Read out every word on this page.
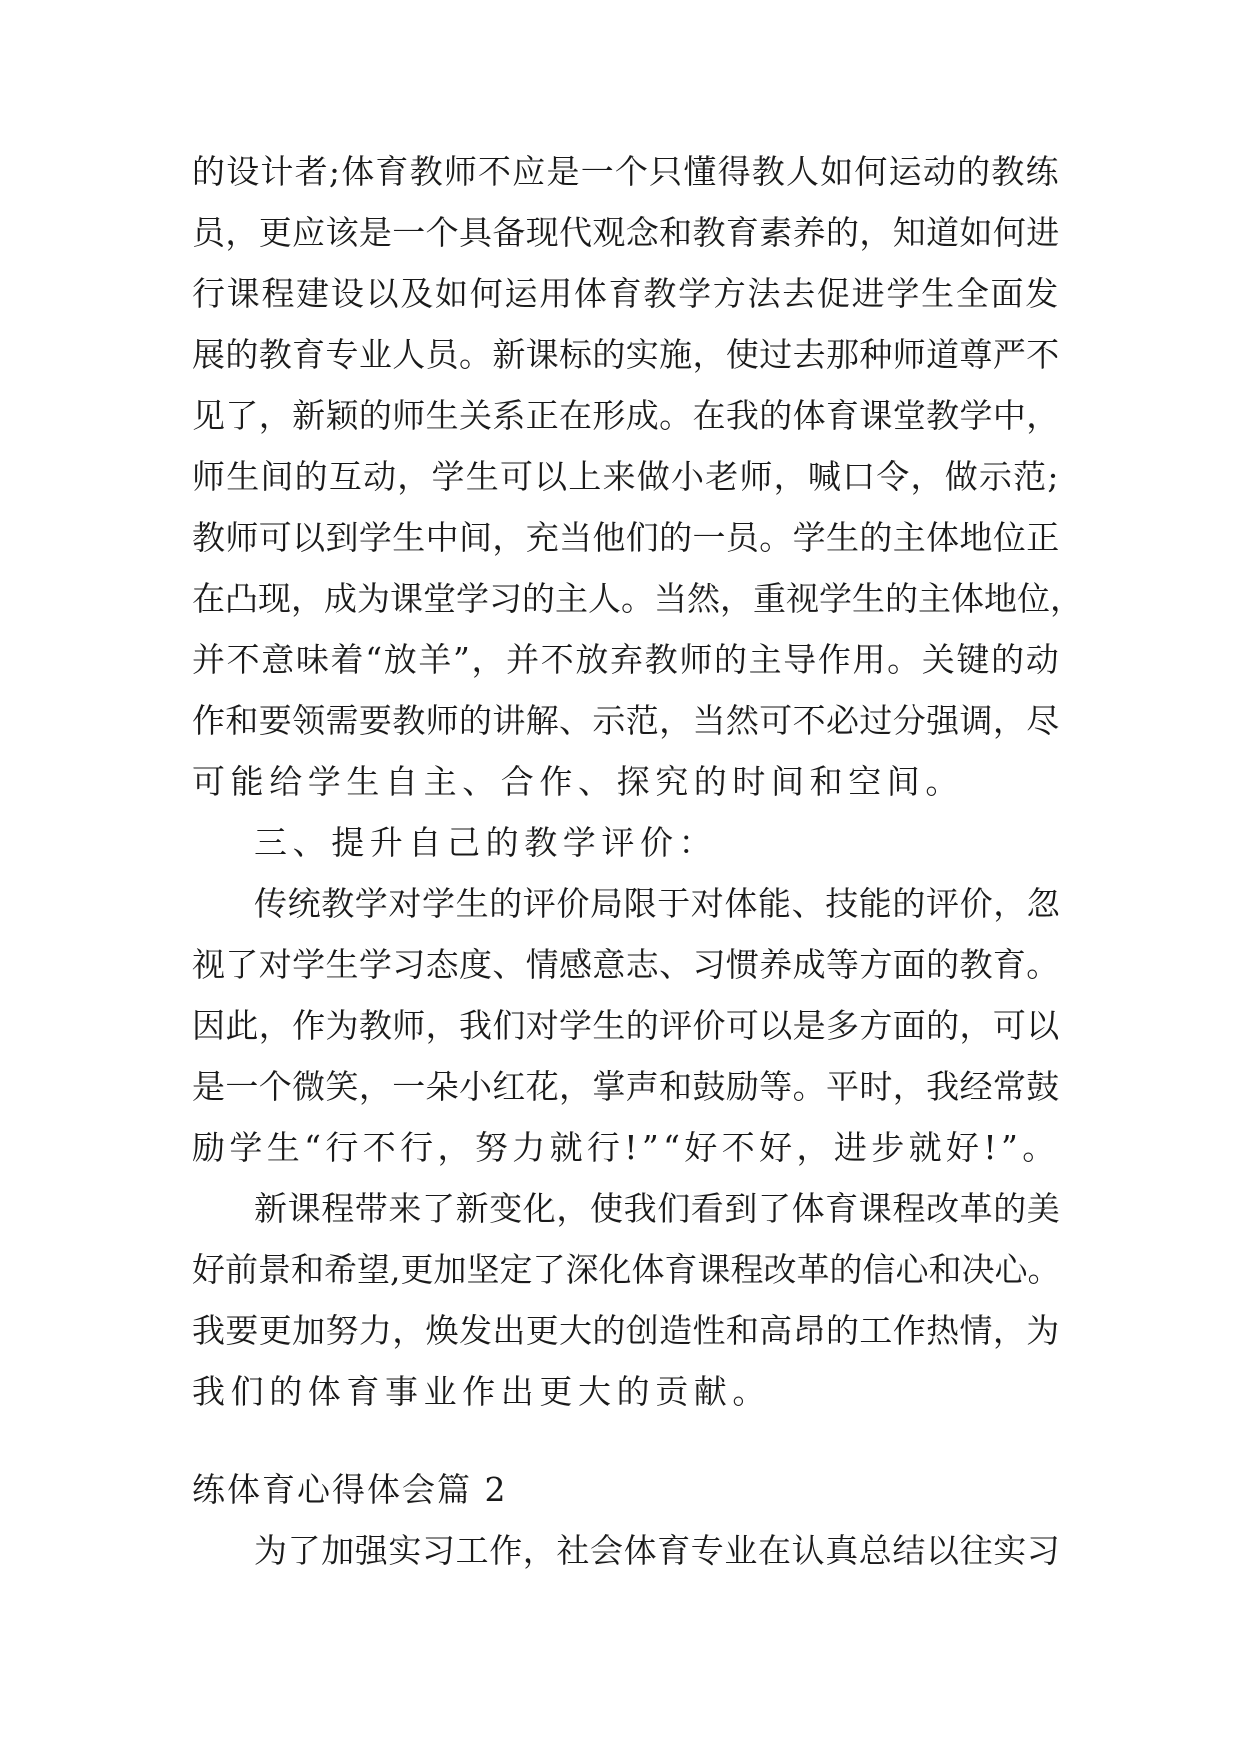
的设计者;体育教师不应是一个只懂得教人如何运动的教练
员，更应该是一个具备现代观念和教育素养的，知道如何进
行课程建设以及如何运用体育教学方法去促进学生全面发
展的教育专业人员。新课标的实施，使过去那种师道尊严不
见了，新颖的师生关系正在形成。在我的体育课堂教学中，
师生间的互动，学生可以上来做小老师，喊口令，做示范;
教师可以到学生中间，充当他们的一员。学生的主体地位正
在凸现，成为课堂学习的主人。当然，重视学生的主体地位，
并不意味着“放羊”，并不放弃教师的主导作用。关键的动
作和要领需要教师的讲解、示范，当然可不必过分强调，尽
可能给学生自主、合作、探究的时间和空间。
三、提升自己的教学评价：
传统教学对学生的评价局限于对体能、技能的评价，忽
视了对学生学习态度、情感意志、习惯养成等方面的教育。
因此，作为教师，我们对学生的评价可以是多方面的，可以
是一个微笑，一朵小红花，掌声和鼓励等。平时，我经常鼓
励学生“行不行，努力就行!”“好不好，进步就好!”。
新课程带来了新变化，使我们看到了体育课程改革的美
好前景和希望,更加坚定了深化体育课程改革的信心和决心。
我要更加努力，焕发出更大的创造性和高昂的工作热情，为
我们的体育事业作出更大的贡献。
练体育心得体会篇 2
为了加强实习工作，社会体育专业在认真总结以往实习
